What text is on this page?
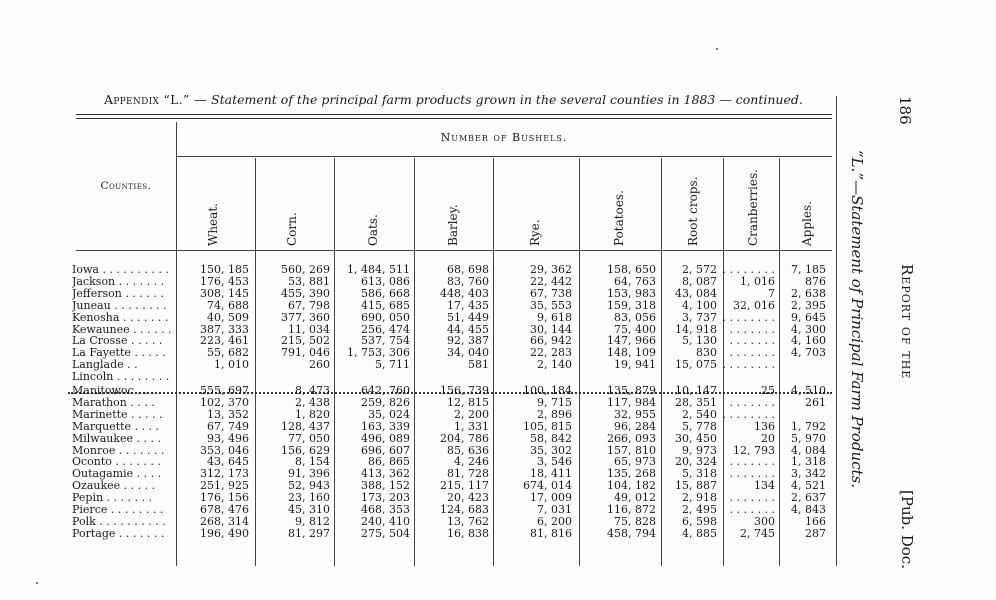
Appendix “L.” — Statement of the principal farm products grown in the several counties in 1883 — continued.
Number of Bushels.
Counties.
Wheat.	Corn.	Oats.	Barley.	Rye.	Potatoes.	Root crops.	Cranberries.	Apples.
Iowa . . . . . . . . . .	150, 185	560, 269	1, 484, 511	68, 698	29, 362	158, 650	2, 572 . . . . . . . .	7, 185
Jackson . . . . . . .	176, 453	53, 881	613, 086	83, 760	22, 442	64, 763	8, 087	1, 016	876
Jefferson . . . . . .	308, 145	455, 390	586, 668	448, 403	67, 738	153, 983	43, 084	7	2, 638
Juneau . . . . . . . .	74, 688	67, 798	415, 685	17, 435	35, 553	159, 318	4, 100	32, 016	2, 395
Kenosha . . . . . . .	40, 509	377, 360	690, 050	51, 449	9, 618	83, 056	3, 737 . . . . . . . .	9, 645
Kewaunee . . . . . .	387, 333	11, 034	256, 474	44, 455	30, 144	75, 400	14, 918	. . . . . . .	4, 300
La Crosse . . . . .	223, 461	215, 502	537, 754	92, 387	66, 942	147, 966	5, 130	. . . . . . .	4, 160
La Fayette . . . . .	55, 682	791, 046	1, 753, 306	34, 040	22, 283	148, 109	830	. . . . . . .	4, 703
Langlade . .	1, 010	260	5, 711	581	2, 140	19, 941	15, 075 . . . . . . . .
Lincoln . . . . . . . .
Manitowoc . . . .	555, 697	8, 473	642, 760	156, 739	100, 184	135, 879	10, 147	25	4, 510
Marathon . . . .	102, 370	2, 438	259, 826	12, 815	9, 715	117, 984	28, 351	. . . . . . .	261
Marinette . . . . .	13, 352	1, 820	35, 024	2, 200	2, 896	32, 955	2, 540 . . . . . . . .
Marquette . . . .	67, 749	128, 437	163, 339	1, 331	105, 815	96, 284	5, 778	136	1, 792
Milwaukee . . . .	93, 496	77, 050	496, 089	204, 786	58, 842	266, 093	30, 450	20	5, 970
Monroe . . . . . . .	353, 046	156, 629	696, 607	85, 636	35, 302	157, 810	9, 973	12, 793	4, 084
Oconto . . . . . . .	43, 645	8, 154	86, 865	4, 246	3, 546	65, 973	20, 324	. . . . . . .	1, 318
Outagamie . . . .	312, 173	91, 396	413, 362	81, 728	18, 411	135, 268	5, 318	. . . . . . .	3, 342
Ozaukee . . . . .	251, 925	52, 943	388, 152	215, 117	674, 014	104, 182	15, 887	134	4, 521
Pepin . . . . . . .	176, 156	23, 160	173, 203	20, 423	17, 009	49, 012	2, 918	. . . . . . .	2, 637
Pierce . . . . . . . .	678, 476	45, 310	468, 353	124, 683	7, 031	116, 872	2, 495	. . . . . . .	4, 843
Polk . . . . . . . . . .	268, 314	9, 812	240, 410	13, 762	6, 200	75, 828	6, 598	300	166
Portage . . . . . . .	196, 490	81, 297	275, 504	16, 838	81, 816	458, 794	4, 885	2, 745	287
186
“L.”—Statement of Principal Farm Products. Report of the
[Pub. Doc.
